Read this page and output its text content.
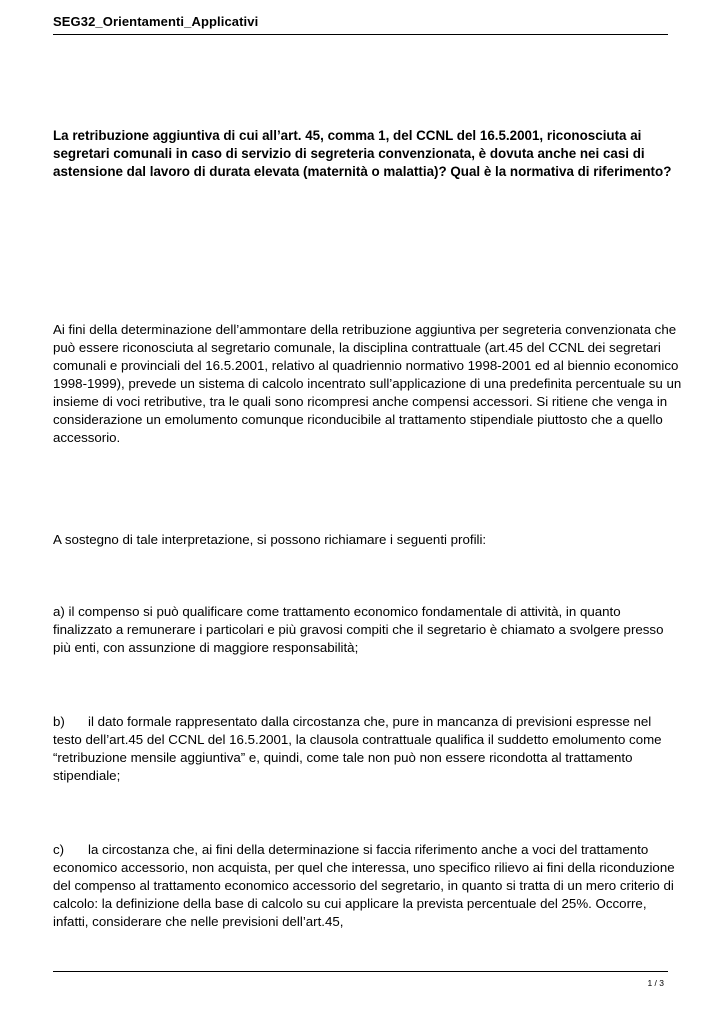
SEG32_Orientamenti_Applicativi
La retribuzione aggiuntiva di cui all’art. 45, comma 1, del CCNL del 16.5.2001, riconosciuta ai segretari comunali in caso di servizio di segreteria convenzionata, è dovuta anche nei casi di astensione dal lavoro di durata elevata (maternità o malattia)? Qual è la normativa di riferimento?
Ai fini della determinazione dell’ammontare della retribuzione aggiuntiva per segreteria convenzionata che può essere riconosciuta al segretario comunale, la disciplina contrattuale (art.45 del CCNL dei segretari comunali e provinciali del 16.5.2001, relativo al quadriennio normativo 1998-2001 ed al biennio economico 1998-1999), prevede un sistema di calcolo incentrato sull’applicazione di una predefinita percentuale su un insieme di voci retributive, tra le quali sono ricompresi anche compensi accessori. Si ritiene che venga in considerazione un emolumento comunque riconducibile al trattamento stipendiale piuttosto che a quello accessorio.
A sostegno di tale interpretazione, si possono richiamare i seguenti profili:
a) il compenso si può qualificare come trattamento economico fondamentale di attività, in quanto finalizzato a remunerare i particolari e più gravosi compiti che il segretario è chiamato a svolgere presso più enti, con assunzione di maggiore responsabilità;
b) il dato formale rappresentato dalla circostanza che, pure in mancanza di previsioni espresse nel testo dell’art.45 del CCNL del 16.5.2001, la clausola contrattuale qualifica il suddetto emolumento come “retribuzione mensile aggiuntiva” e, quindi, come tale non può non essere ricondotta al trattamento stipendiale;
c) la circostanza che, ai fini della determinazione si faccia riferimento anche a voci del trattamento economico accessorio, non acquista, per quel che interessa, uno specifico rilievo ai fini della riconduzione del compenso al trattamento economico accessorio del segretario, in quanto si tratta di un mero criterio di calcolo: la definizione della base di calcolo su cui applicare la prevista percentuale del 25%. Occorre, infatti, considerare che nelle previsioni dell’art.45,
1 / 3
